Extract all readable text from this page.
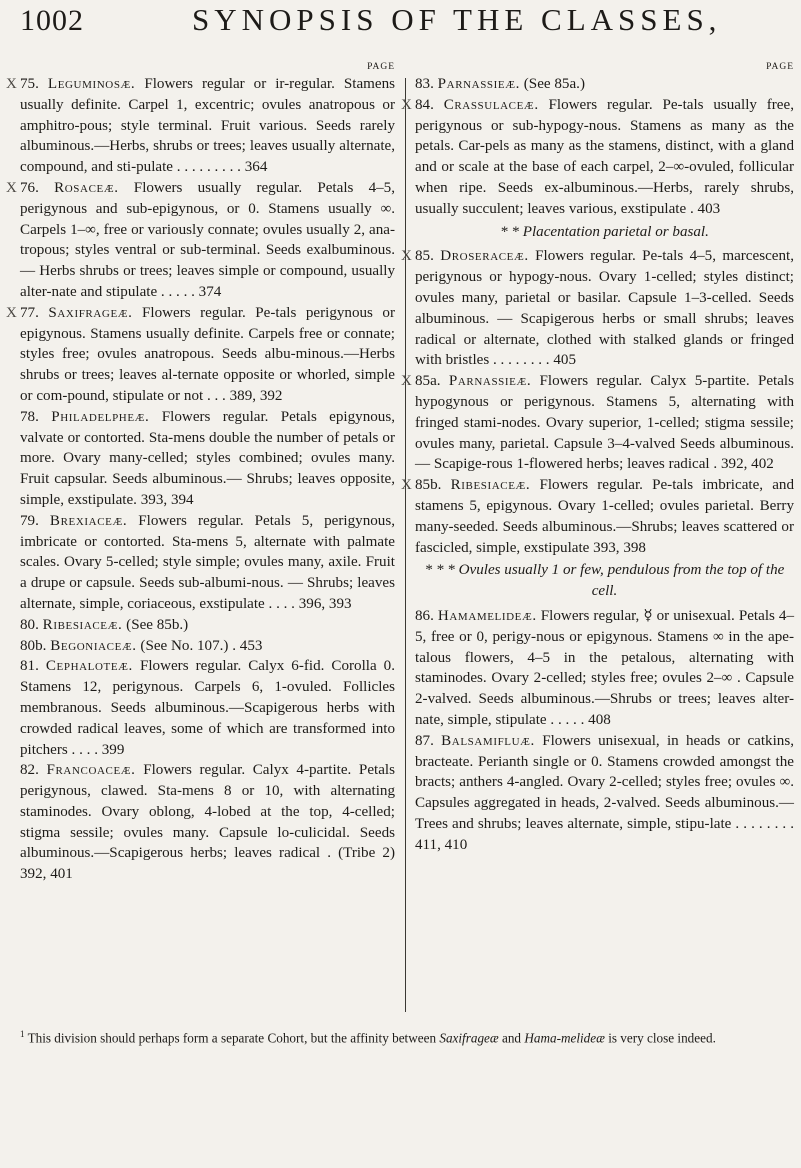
1002	SYNOPSIS OF THE CLASSES,
PAGE

X 75. Leguminosæ. Flowers regular or ir-regular. Stamens usually definite. Carpel 1, excentric; ovules anatropous or amphitro-pous; style terminal. Fruit various. Seeds rarely albuminous.—Herbs, shrubs or trees; leaves usually alternate, compound, and sti-pulate . . . . . . . . . 364

X 76. Rosaceæ. Flowers usually regular. Petals 4–5, perigynous and sub-epigynous, or 0. Stamens usually ∞. Carpels 1–∞, free or variously connate; ovules usually 2, ana-tropous; styles ventral or sub-terminal. Seeds exalbuminous. — Herbs shrubs or trees; leaves simple or compound, usually alter-nate and stipulate . . . . . 374

X 77. Saxifrageæ. Flowers regular. Pe-tals perigynous or epigynous. Stamens usually definite. Carpels free or connate; styles free; ovules anatropous. Seeds albu-minous.—Herbs shrubs or trees; leaves al-ternate opposite or whorled, simple or com-pound, stipulate or not . . . 389, 392

78. Philadelpheæ. Flowers regular. Petals epigynous, valvate or contorted. Sta-mens double the number of petals or more. Ovary many-celled; styles combined; ovules many. Fruit capsular. Seeds albuminous.— Shrubs; leaves opposite, simple, exstipulate. 393, 394

79. Brexiaceæ. Flowers regular. Petals 5, perigynous, imbricate or contorted. Sta-mens 5, alternate with palmate scales. Ovary 5-celled; style simple; ovules many, axile. Fruit a drupe or capsule. Seeds sub-albumi-nous. — Shrubs; leaves alternate, simple, coriaceous, exstipulate . . . . 396, 393

80. Ribesiaceæ. (See 85b.)

80b. Begoniaceæ. (See No. 107.) . 453

81. Cephaloteæ. Flowers regular. Calyx 6-fid. Corolla 0. Stamens 12, perigynous. Carpels 6, 1-ovuled. Follicles membranous. Seeds albuminous.—Scapigerous herbs with crowded radical leaves, some of which are transformed into pitchers . . . . 399

82. Francoaceæ. Flowers regular. Calyx 4-partite. Petals perigynous, clawed. Sta-mens 8 or 10, with alternating staminodes. Ovary oblong, 4-lobed at the top, 4-celled; stigma sessile; ovules many. Capsule lo-culicidal. Seeds albuminous.—Scapigerous herbs; leaves radical . (Tribe 2) 392, 401

PAGE

83. Parnassieæ. (See 85a.)

X 84. Crassulaceæ. Flowers regular. Pe-tals usually free, perigynous or sub-hypogy-nous. Stamens as many as the petals. Car-pels as many as the stamens, distinct, with a gland and or scale at the base of each carpel, 2–∞-ovuled, follicular when ripe. Seeds ex-albuminous.—Herbs, rarely shrubs, usually succulent; leaves various, exstipulate . 403

* * Placentation parietal or basal.

X 85. Droseraceæ. Flowers regular. Pe-tals 4–5, marcescent, perigynous or hypogy-nous. Ovary 1-celled; styles distinct; ovules many, parietal or basilar. Capsule 1–3-celled. Seeds albuminous. — Scapigerous herbs or small shrubs; leaves radical or alternate, clothed with stalked glands or fringed with bristles . . . . . . . . 405

X 85a. Parnassieæ. Flowers regular. Calyx 5-partite. Petals hypogynous or perigynous. Stamens 5, alternating with fringed stami-nodes. Ovary superior, 1-celled; stigma sessile; ovules many, parietal. Capsule 3–4-valved Seeds albuminous. — Scapige-rous 1-flowered herbs; leaves radical . 392, 402

X 85b. Ribesiaceæ. Flowers regular. Pe-tals imbricate, and stamens 5, epigynous. Ovary 1-celled; ovules parietal. Berry many-seeded. Seeds albuminous.—Shrubs; leaves scattered or fascicled, simple, exstipulate 393, 398

* * * Ovules usually 1 or few, pendulous from the top of the cell.

86. Hamamelideæ. Flowers regular, ☿ or unisexual. Petals 4–5, free or 0, perigy-nous or epigynous. Stamens ∞ in the ape-talous flowers, 4–5 in the petalous, alternating with staminodes. Ovary 2-celled; styles free; ovules 2–∞ . Capsule 2-valved. Seeds albuminous.—Shrubs or trees; leaves alter-nate, simple, stipulate . . . . . 408

87. Balsamifluæ. Flowers unisexual, in heads or catkins, bracteate. Perianth single or 0. Stamens crowded amongst the bracts; anthers 4-angled. Ovary 2-celled; styles free; ovules ∞. Capsules aggregated in heads, 2-valved. Seeds albuminous.—Trees and shrubs; leaves alternate, simple, stipu-late . . . . . . . . 411, 410

$^1$ This division should perhaps form a separate Cohort, but the affinity between Saxifrageæ and Hama-melideæ is very close indeed.
